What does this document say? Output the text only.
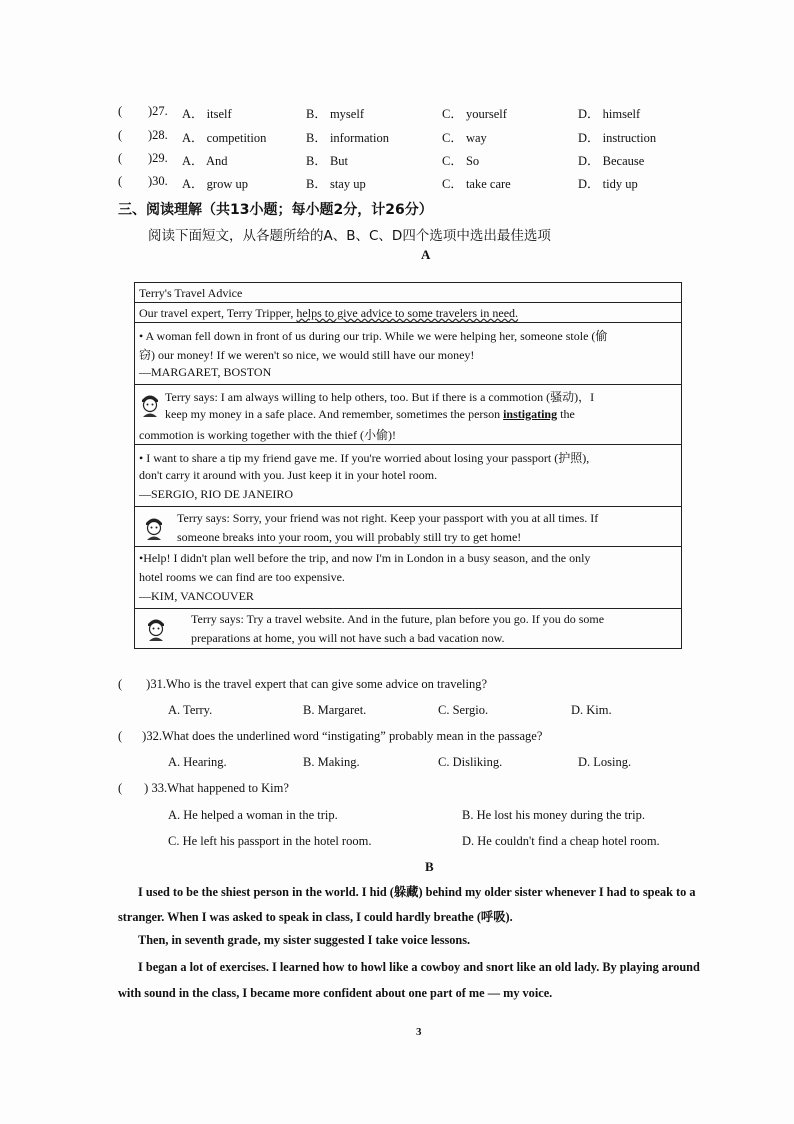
( )27. A． itself	B． myself	C． yourself	D． himself
( )28. A． competition	B． information	C． way	D． instruction
( )29. A． And	B． But	C． So	D． Because
( )30. A． grow up	B． stay up	C． take care	D． tidy up
三、阅读理解（共13小题；每小题2分，计26分）
阅读下面短文，从各题所给的A、B、C、D四个选项中选出最佳选项
A
Terry's Travel Advice
Our travel expert, Terry Tripper, helps to give advice to some travelers in need.
• A woman fell down in front of us during our trip. While we were helping her, someone stole (偷
窃) our money! If we weren't so nice, we would still have our money!
—MARGARET, BOSTON
Terry says: I am always willing to help others, too. But if there is a commotion (骚动)，I
keep my money in a safe place. And remember, sometimes the person instigating the
commotion is working together with the thief (小偷)!
• I want to share a tip my friend gave me. If you're worried about losing your passport (护照),
don't carry it around with you. Just keep it in your hotel room.
—SERGIO, RIO DE JANEIRO
Terry says: Sorry, your friend was not right. Keep your passport with you at all times. If
someone breaks into your room, you will probably still try to get home!
•Help! I didn't plan well before the trip, and now I'm in London in a busy season, and the only
hotel rooms we can find are too expensive.
—KIM, VANCOUVER
Terry says: Try a travel website. And in the future, plan before you go. If you do some
preparations at home, you will not have such a bad vacation now.
( )31.Who is the travel expert that can give some advice on traveling?
A. Terry.	B. Margaret.	C. Sergio.	D. Kim.
( )32.What does the underlined word “instigating” probably mean in the passage?
A. Hearing.	B. Making.	C. Disliking.	D. Losing.
( ) 33.What happened to Kim?
A. He helped a woman in the trip.	B. He lost his money during the trip.
C. He left his passport in the hotel room.	D. He couldn't find a cheap hotel room.
B
I used to be the shiest person in the world. I hid (躲藏) behind my older sister whenever I had to speak to a
stranger. When I was asked to speak in class, I could hardly breathe (呼吸).
Then, in seventh grade, my sister suggested I take voice lessons.
I began a lot of exercises. I learned how to howl like a cowboy and snort like an old lady. By playing around
with sound in the class, I became more confident about one part of me — my voice.
3
